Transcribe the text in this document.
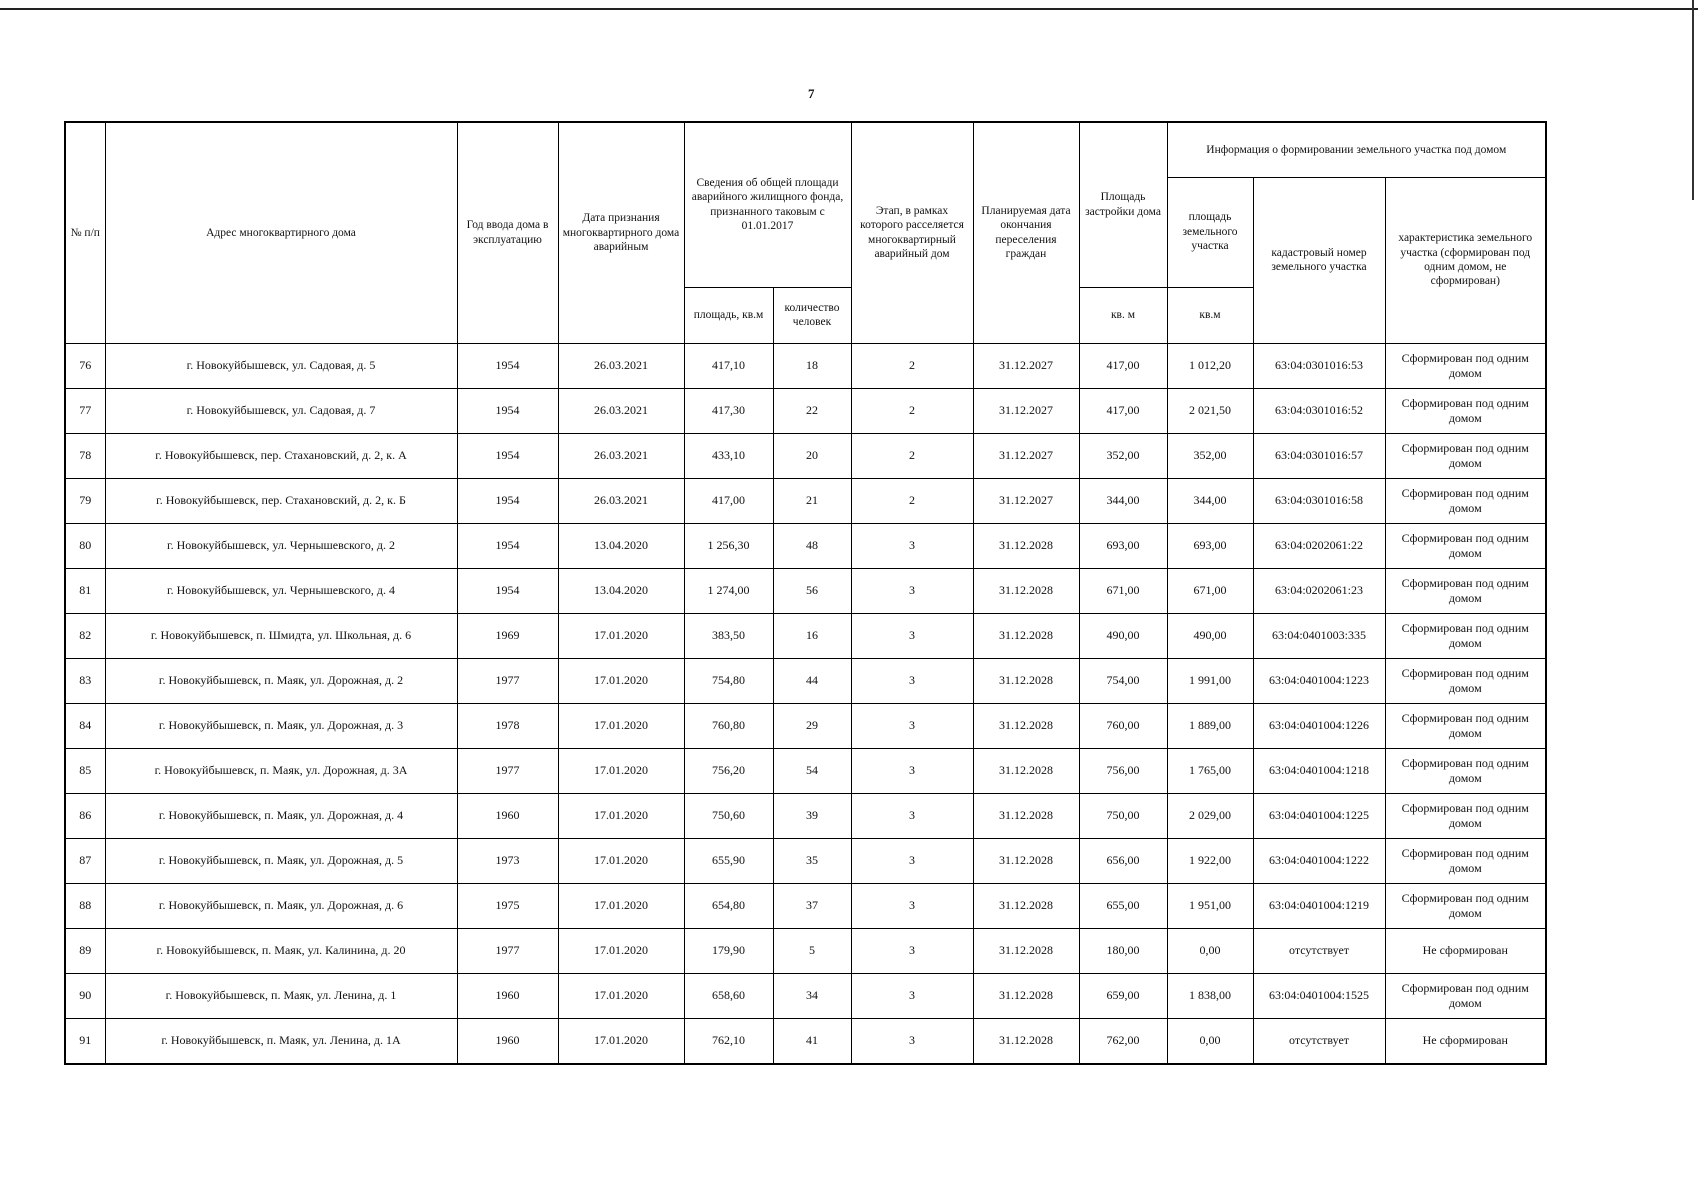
7
№ п/п	Адрес многоквартирного дома	Год ввода дома в эксплуатацию	Дата признания многоквартирного дома аварийным	Сведения об общей площади аварийного жилищного фонда, признанного таковым с 01.01.2017		Этап, в рамках которого расселяется многоквартирный аварийный дом	Планируемая дата окончания переселения граждан	Площадь застройки дома	Информация о формировании земельного участка под домом		
									площадь земельного участка	кадастровый номер земельного участка	характеристика земельного участка (сформирован под одним домом, не сформирован)
				площадь, кв.м	количество человек			кв. м	кв.м		
76	г. Новокуйбышевск, ул. Садовая, д. 5	1954	26.03.2021	417,10	18	2	31.12.2027	417,00	1 012,20	63:04:0301016:53	Сформирован под одним домом
77	г. Новокуйбышевск, ул. Садовая, д. 7	1954	26.03.2021	417,30	22	2	31.12.2027	417,00	2 021,50	63:04:0301016:52	Сформирован под одним домом
78	г. Новокуйбышевск, пер. Стахановский, д. 2, к. А	1954	26.03.2021	433,10	20	2	31.12.2027	352,00	352,00	63:04:0301016:57	Сформирован под одним домом
79	г. Новокуйбышевск, пер. Стахановский, д. 2, к. Б	1954	26.03.2021	417,00	21	2	31.12.2027	344,00	344,00	63:04:0301016:58	Сформирован под одним домом
80	г. Новокуйбышевск, ул. Чернышевского, д. 2	1954	13.04.2020	1 256,30	48	3	31.12.2028	693,00	693,00	63:04:0202061:22	Сформирован под одним домом
81	г. Новокуйбышевск, ул. Чернышевского, д. 4	1954	13.04.2020	1 274,00	56	3	31.12.2028	671,00	671,00	63:04:0202061:23	Сформирован под одним домом
82	г. Новокуйбышевск, п. Шмидта, ул. Школьная, д. 6	1969	17.01.2020	383,50	16	3	31.12.2028	490,00	490,00	63:04:0401003:335	Сформирован под одним домом
83	г. Новокуйбышевск, п. Маяк, ул. Дорожная, д. 2	1977	17.01.2020	754,80	44	3	31.12.2028	754,00	1 991,00	63:04:0401004:1223	Сформирован под одним домом
84	г. Новокуйбышевск, п. Маяк, ул. Дорожная, д. 3	1978	17.01.2020	760,80	29	3	31.12.2028	760,00	1 889,00	63:04:0401004:1226	Сформирован под одним домом
85	г. Новокуйбышевск, п. Маяк, ул. Дорожная, д. 3А	1977	17.01.2020	756,20	54	3	31.12.2028	756,00	1 765,00	63:04:0401004:1218	Сформирован под одним домом
86	г. Новокуйбышевск, п. Маяк, ул. Дорожная, д. 4	1960	17.01.2020	750,60	39	3	31.12.2028	750,00	2 029,00	63:04:0401004:1225	Сформирован под одним домом
87	г. Новокуйбышевск, п. Маяк, ул. Дорожная, д. 5	1973	17.01.2020	655,90	35	3	31.12.2028	656,00	1 922,00	63:04:0401004:1222	Сформирован под одним домом
88	г. Новокуйбышевск, п. Маяк, ул. Дорожная, д. 6	1975	17.01.2020	654,80	37	3	31.12.2028	655,00	1 951,00	63:04:0401004:1219	Сформирован под одним домом
89	г. Новокуйбышевск, п. Маяк, ул. Калинина, д. 20	1977	17.01.2020	179,90	5	3	31.12.2028	180,00	0,00	отсутствует	Не сформирован
90	г. Новокуйбышевск, п. Маяк, ул. Ленина, д. 1	1960	17.01.2020	658,60	34	3	31.12.2028	659,00	1 838,00	63:04:0401004:1525	Сформирован под одним домом
91	г. Новокуйбышевск, п. Маяк, ул. Ленина, д. 1А	1960	17.01.2020	762,10	41	3	31.12.2028	762,00	0,00	отсутствует	Не сформирован
